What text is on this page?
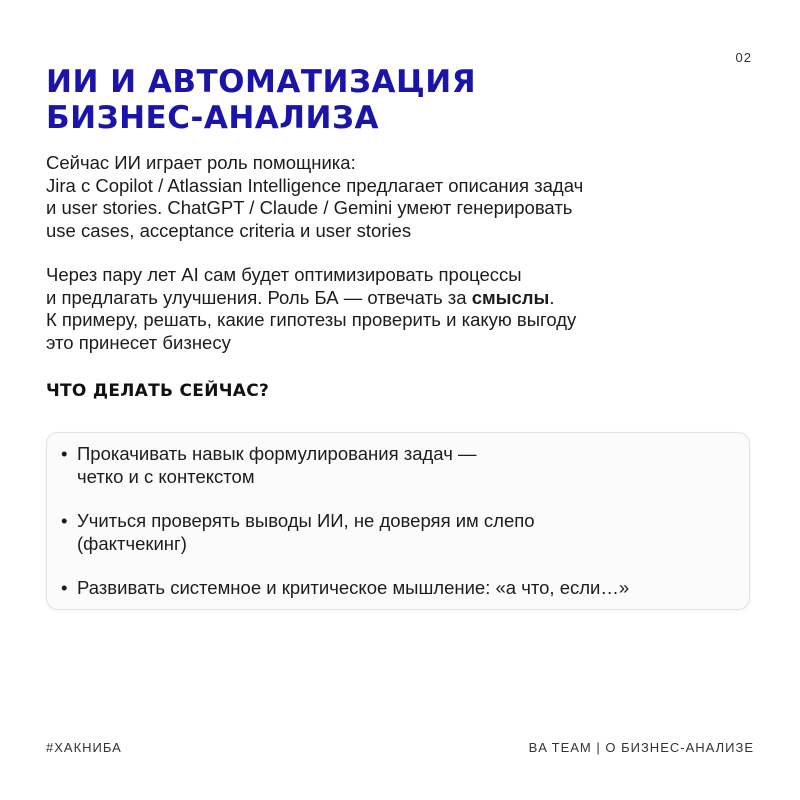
02
ИИ И АВТОМАТИЗАЦИЯ
БИЗНЕС-АНАЛИЗА

Сейчас ИИ играет роль помощника:
Jira с Copilot / Atlassian Intelligence предлагает описания задач
и user stories. ChatGPT / Claude / Gemini умеют генерировать
use cases, acceptance criteria и user stories

Через пару лет AI сам будет оптимизировать процессы
и предлагать улучшения. Роль БА — отвечать за смыслы.
К примеру, решать, какие гипотезы проверить и какую выгоду
это принесет бизнесу

ЧТО ДЕЛАТЬ СЕЙЧАС?
• Прокачивать навык формулирования задач —
четко и с контекстом
• Учиться проверять выводы ИИ, не доверяя им слепо
(фактчекинг)
• Развивать системное и критическое мышление: «а что, если…»
#ХАКНИБА	BA TEAM | О БИЗНЕС-АНАЛИЗЕ
